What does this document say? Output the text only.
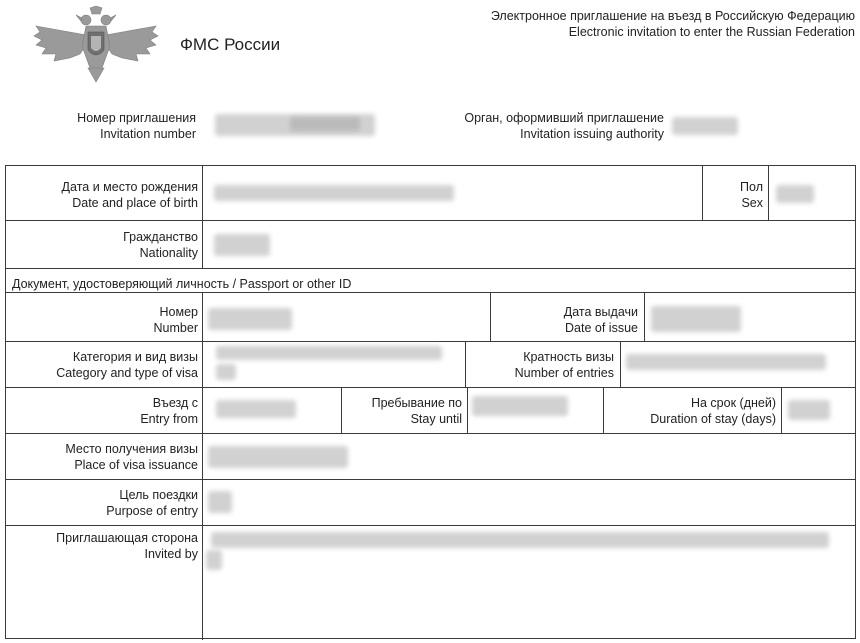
ФМС России
Электронное приглашение на въезд в Российскую Федерацию
Electronic invitation to enter the Russian Federation
Номер приглашения
Invitation number
Орган, оформивший приглашение
Invitation issuing authority
Дата и место рождения
Date and place of birth
Пол
Sex
Гражданство
Nationality
Документ, удостоверяющий личность / Passport or other ID
Номер
Number
Дата выдачи
Date of issue
Категория и вид визы
Category and type of visa
Кратность визы
Number of entries
Въезд с
Entry from
Пребывание по
Stay until
На срок (дней)
Duration of stay (days)
Место получения визы
Place of visa issuance
Цель поездки
Purpose of entry
Приглашающая сторона
Invited by
